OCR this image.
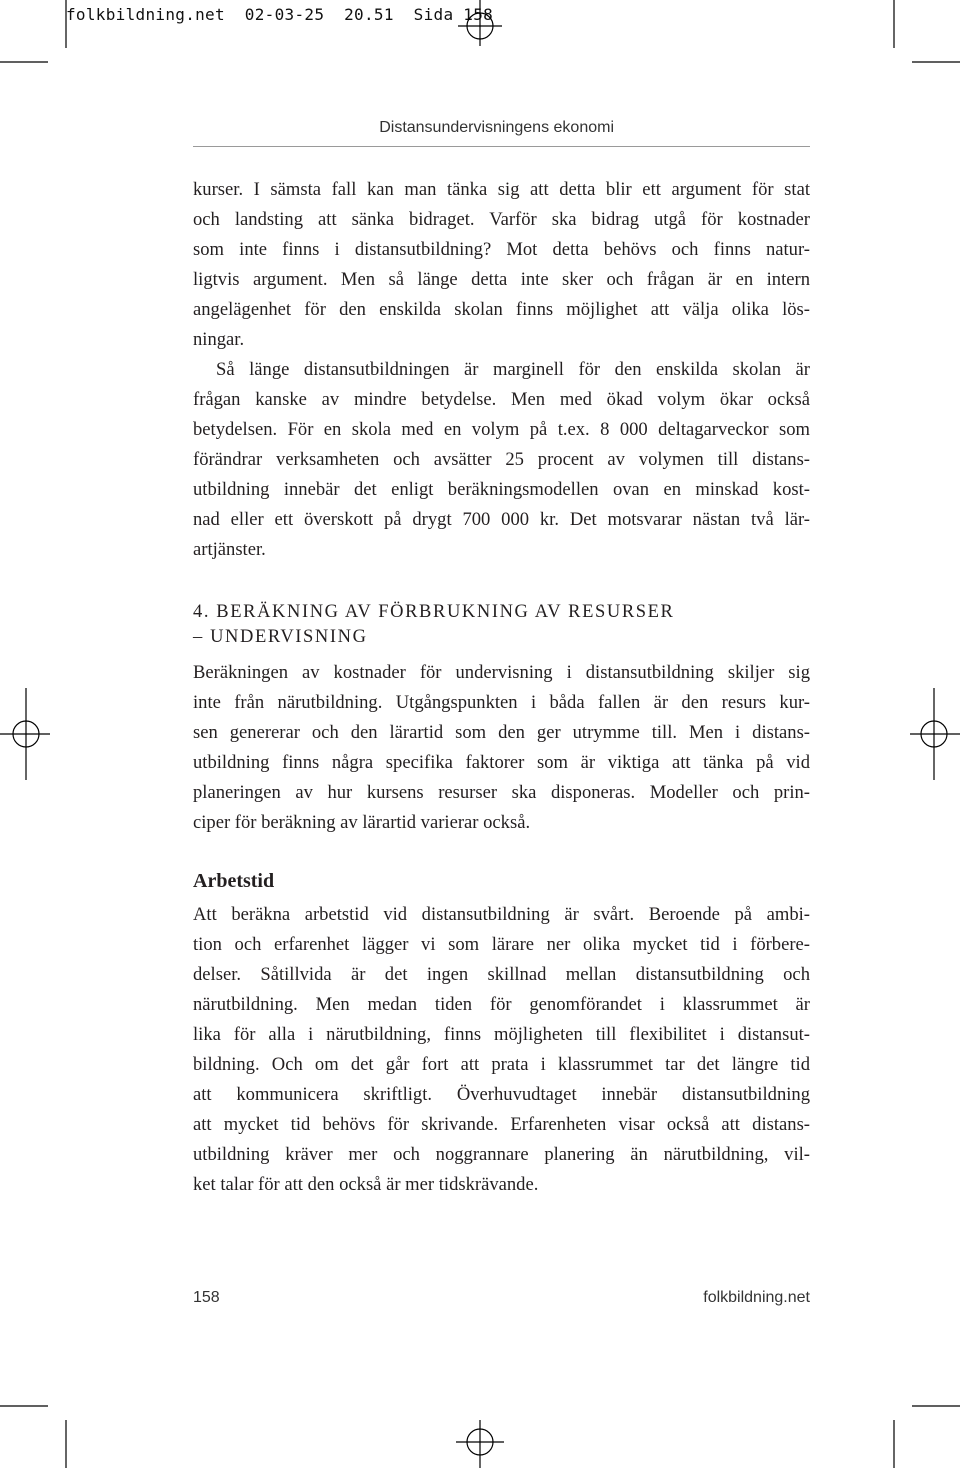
folkbildning.net  02-03-25  20.51  Sida 158
Distansundervisningens ekonomi
kurser. I sämsta fall kan man tänka sig att detta blir ett argument för stat
och landsting att sänka bidraget. Varför ska bidrag utgå för kostnader
som inte finns i distansutbildning? Mot detta behövs och finns natur-
ligtvis argument. Men så länge detta inte sker och frågan är en intern
angelägenhet för den enskilda skolan finns möjlighet att välja olika lös-
ningar.
Så länge distansutbildningen är marginell för den enskilda skolan är
frågan kanske av mindre betydelse. Men med ökad volym ökar också
betydelsen. För en skola med en volym på t.ex. 8 000 deltagarveckor som
förändrar verksamheten och avsätter 25 procent av volymen till distans-
utbildning innebär det enligt beräkningsmodellen ovan en minskad kost-
nad eller ett överskott på drygt 700 000 kr. Det motsvarar nästan två lär-
artjänster.
4. BERÄKNING AV FÖRBRUKNING AV RESURSER
– UNDERVISNING
Beräkningen av kostnader för undervisning i distansutbildning skiljer sig
inte från närutbildning. Utgångspunkten i båda fallen är den resurs kur-
sen genererar och den lärartid som den ger utrymme till. Men i distans-
utbildning finns några specifika faktorer som är viktiga att tänka på vid
planeringen av hur kursens resurser ska disponeras. Modeller och prin-
ciper för beräkning av lärartid varierar också.
Arbetstid
Att beräkna arbetstid vid distansutbildning är svårt. Beroende på ambi-
tion och erfarenhet lägger vi som lärare ner olika mycket tid i förbere-
delser. Såtillvida är det ingen skillnad mellan distansutbildning och
närutbildning. Men medan tiden för genomförandet i klassrummet är
lika för alla i närutbildning, finns möjligheten till flexibilitet i distansut-
bildning. Och om det går fort att prata i klassrummet tar det längre tid
att kommunicera skriftligt. Överhuvudtaget innebär distansutbildning
att mycket tid behövs för skrivande. Erfarenheten visar också att distans-
utbildning kräver mer och noggrannare planering än närutbildning, vil-
ket talar för att den också är mer tidskrävande.
158	folkbildning.net
